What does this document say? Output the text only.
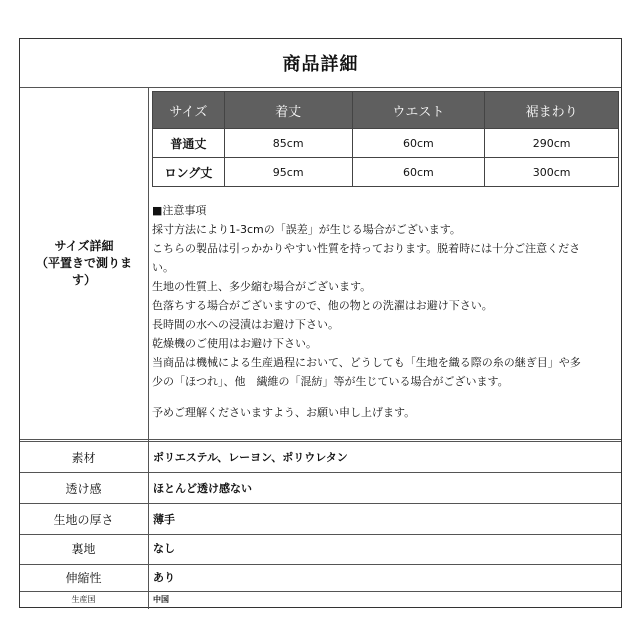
商品詳細
サイズ詳細
（平置きで測りま
す）
サイズ	着丈	ウエスト	裾まわり
普通丈	85cm	60cm	290cm
ロング丈	95cm	60cm	300cm
■注意事項
採寸方法により1-3cmの「誤差」が生じる場合がございます。
こちらの製品は引っかかりやすい性質を持っております。脱着時には十分ご注意くださ
い。
生地の性質上、多少縮む場合がございます。
色落ちする場合がございますので、他の物との洗濯はお避け下さい。
長時間の水への浸漬はお避け下さい。
乾燥機のご使用はお避け下さい。
当商品は機械による生産過程において、どうしても「生地を織る際の糸の継ぎ目」や多
少の「ほつれ」、他　繊維の「混紡」等が生じている場合がございます。
予めご理解くださいますよう、お願い申し上げます。
素材	ポリエステル、レーヨン、ポリウレタン
透け感	ほとんど透け感ない
生地の厚さ	薄手
裏地	なし
伸縮性	あり
生産国	中国
